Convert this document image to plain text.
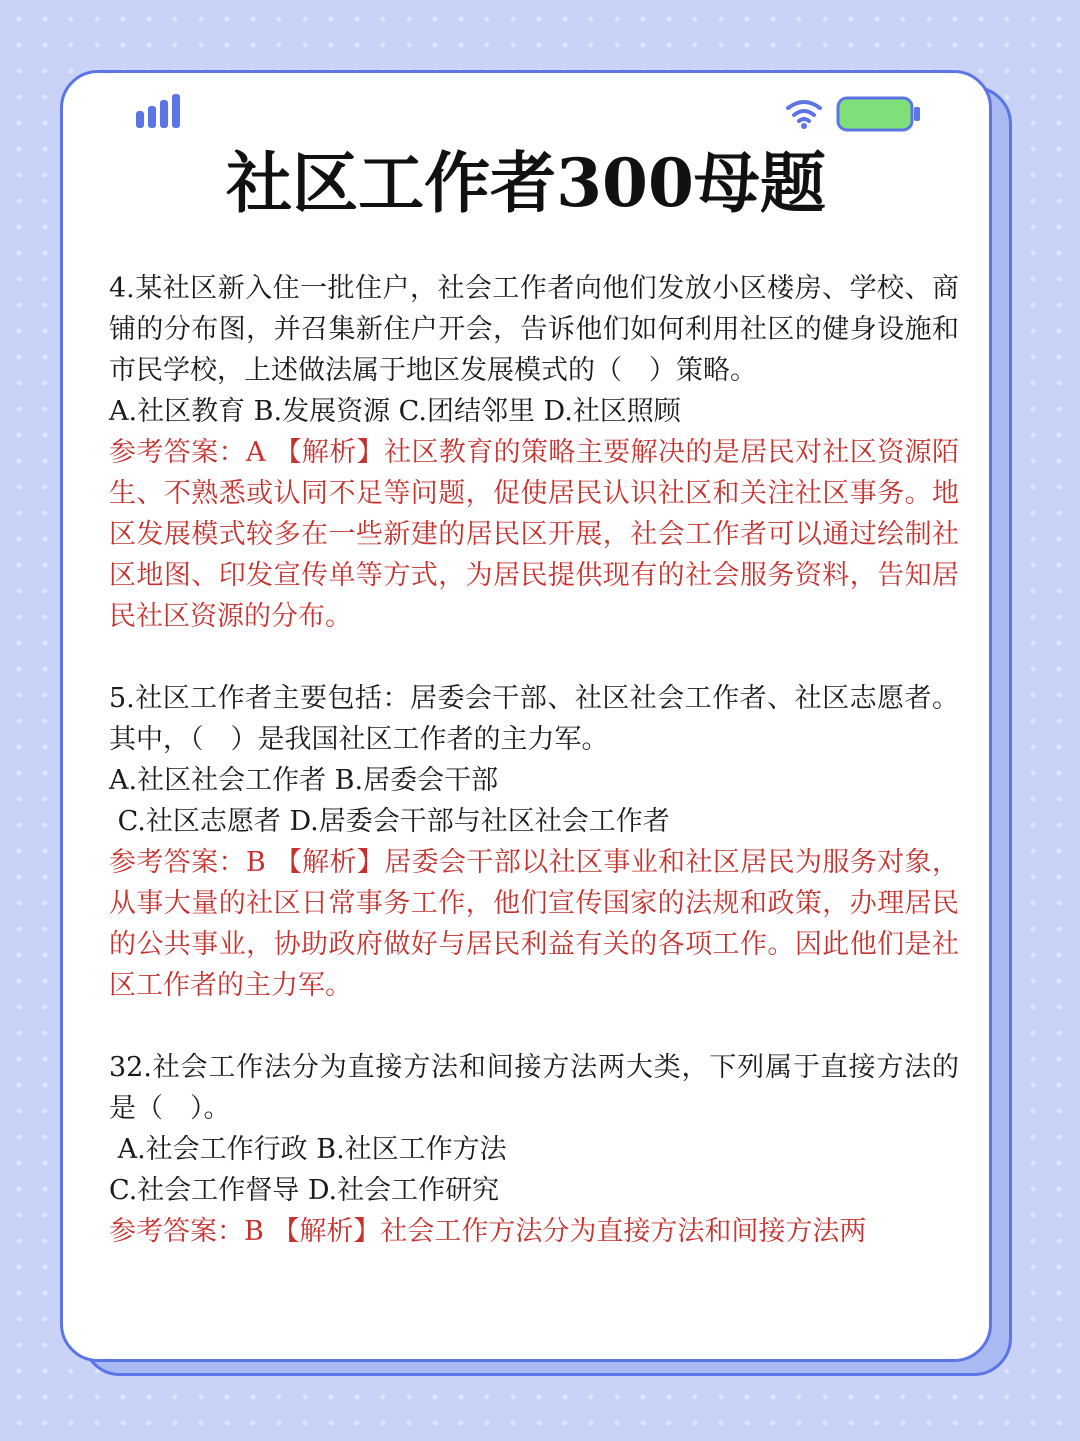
社区工作者300母题

4.某社区新入住一批住户，社会工作者向他们发放小区楼房、学校、商铺的分布图，并召集新住户开会，告诉他们如何利用社区的健身设施和市民学校，上述做法属于地区发展模式的（　）策略。

A.社区教育 B.发展资源 C.团结邻里 D.社区照顾

参考答案：A 【解析】社区教育的策略主要解决的是居民对社区资源陌生、不熟悉或认同不足等问题，促使居民认识社区和关注社区事务。地区发展模式较多在一些新建的居民区开展，社会工作者可以通过绘制社区地图、印发宣传单等方式，为居民提供现有的社会服务资料，告知居民社区资源的分布。

5.社区工作者主要包括：居委会干部、社区社会工作者、社区志愿者。其中，（　）是我国社区工作者的主力军。

A.社区社会工作者 B.居委会干部

C.社区志愿者 D.居委会干部与社区社会工作者

参考答案：B 【解析】居委会干部以社区事业和社区居民为服务对象，从事大量的社区日常事务工作，他们宣传国家的法规和政策，办理居民的公共事业，协助政府做好与居民利益有关的各项工作。因此他们是社区工作者的主力军。

32.社会工作法分为直接方法和间接方法两大类，下列属于直接方法的是（　）。

A.社会工作行政 B.社区工作方法

C.社会工作督导 D.社会工作研究

参考答案：B 【解析】社会工作方法分为直接方法和间接方法两
